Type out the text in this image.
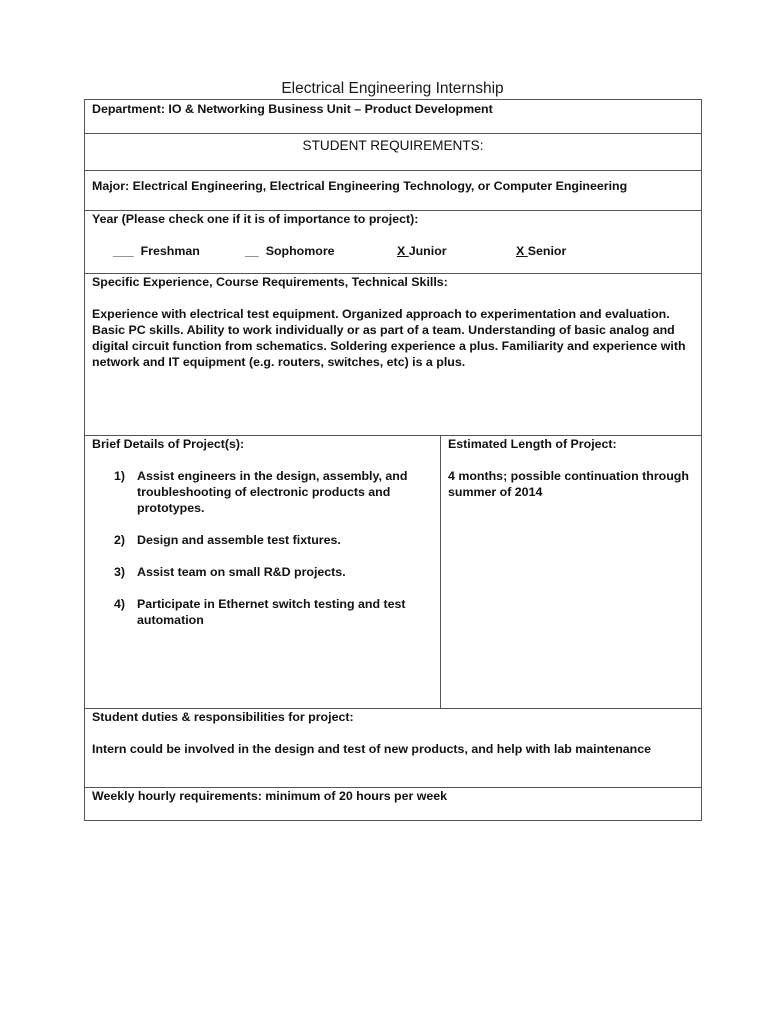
Electrical Engineering Internship
Department: IO & Networking Business Unit – Product Development
STUDENT REQUIREMENTS:
Major: Electrical Engineering, Electrical Engineering Technology, or Computer Engineering

Year (Please check one if it is of importance to project):

___ Freshman

	__ Sophomore

	X Junior

	X Senior

Specific Experience, Course Requirements, Technical Skills:
Experience with electrical test equipment. Organized approach to experimentation and evaluation. Basic PC skills. Ability to work individually or as part of a team. Understanding of basic analog and digital circuit function from schematics. Soldering experience a plus. Familiarity and experience with network and IT equipment (e.g. routers, switches, etc) is a plus.

Brief Details of Project(s):
1) Assist engineers in the design, assembly, and troubleshooting of electronic products and prototypes.
2) Design and assemble test fixtures.
3) Assist team on small R&D projects.
4) Participate in Ethernet switch testing and test automation

Estimated Length of Project:
4 months; possible continuation through summer of 2014

Student duties & responsibilities for project:
Intern could be involved in the design and test of new products, and help with lab maintenance

Weekly hourly requirements: minimum of 20 hours per week
